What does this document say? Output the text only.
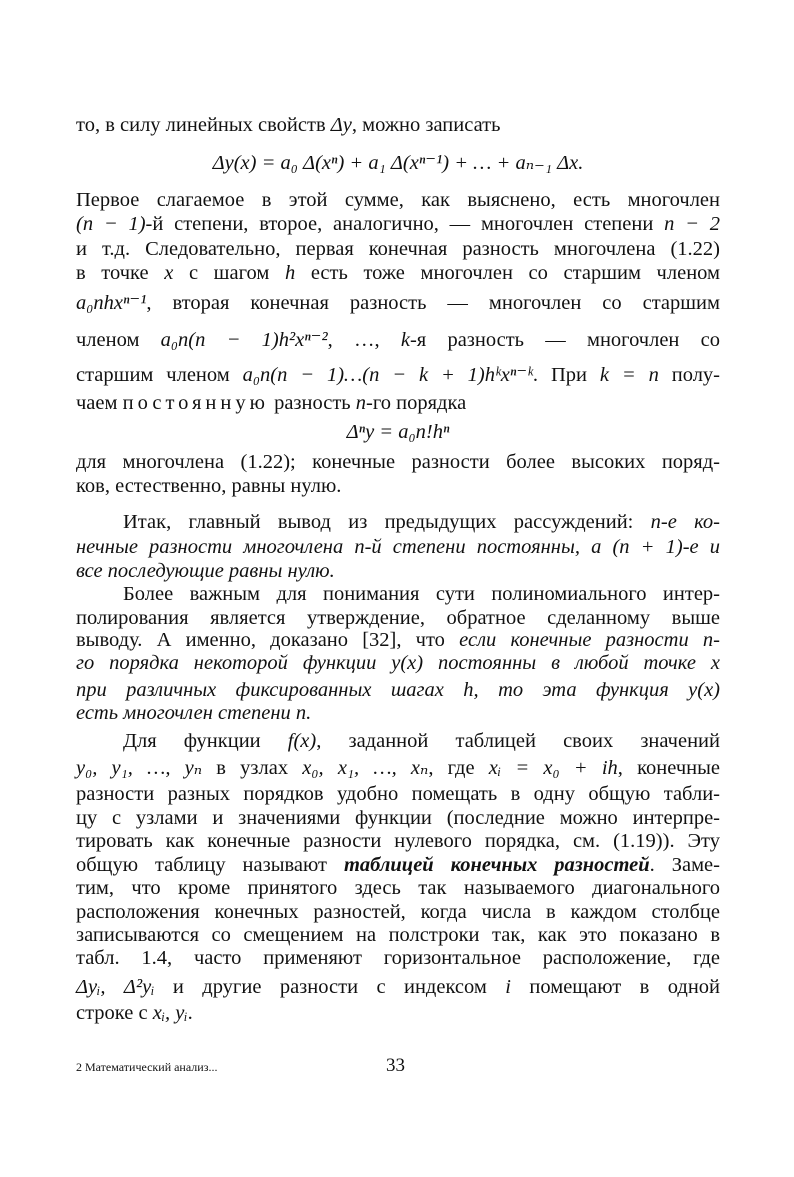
то, в силу линейных свойств Δy, можно записать
Δy(x) = a₀ Δ(xⁿ) + a₁ Δ(xⁿ⁻¹) + … + aₙ₋₁ Δx.
Первое слагаемое в этой сумме, как выяснено, есть многочлен
(n − 1)-й степени, второе, аналогично, — многочлен степени n − 2
и т.д. Следовательно, первая конечная разность многочлена (1.22)
в точке x с шагом h есть тоже многочлен со старшим членом
a₀nhxⁿ⁻¹, вторая конечная разность — многочлен со старшим
членом a₀n(n − 1)h²xⁿ⁻², …, k-я разность — многочлен со
старшим членом a₀n(n − 1)…(n − k + 1)hᵏxⁿ⁻ᵏ. При k = n полу-
чаем постоянную разность n-го порядка
Δⁿy = a₀n!hⁿ
для многочлена (1.22); конечные разности более высоких поряд-
ков, естественно, равны нулю.
Итак, главный вывод из предыдущих рассуждений: n-е ко-
нечные разности многочлена n-й степени постоянны, а (n + 1)-е и
все последующие равны нулю.
Более важным для понимания сути полиномиального интер-
полирования является утверждение, обратное сделанному выше
выводу. А именно, доказано [32], что если конечные разности n-
го порядка некоторой функции y(x) постоянны в любой точке x
при различных фиксированных шагах h, то эта функция y(x)
есть многочлен степени n.
Для функции f(x), заданной таблицей своих значений
y₀, y₁, …, yₙ в узлах x₀, x₁, …, xₙ, где xᵢ = x₀ + ih, конечные
разности разных порядков удобно помещать в одну общую табли-
цу с узлами и значениями функции (последние можно интерпре-
тировать как конечные разности нулевого порядка, см. (1.19)). Эту
общую таблицу называют таблицей конечных разностей. Заме-
тим, что кроме принятого здесь так называемого диагонального
расположения конечных разностей, когда числа в каждом столбце
записываются со смещением на полстроки так, как это показано в
табл. 1.4, часто применяют горизонтальное расположение, где
Δyᵢ, Δ²yᵢ и другие разности с индексом i помещают в одной
строке с xᵢ, yᵢ.
2 Математический анализ...	33
